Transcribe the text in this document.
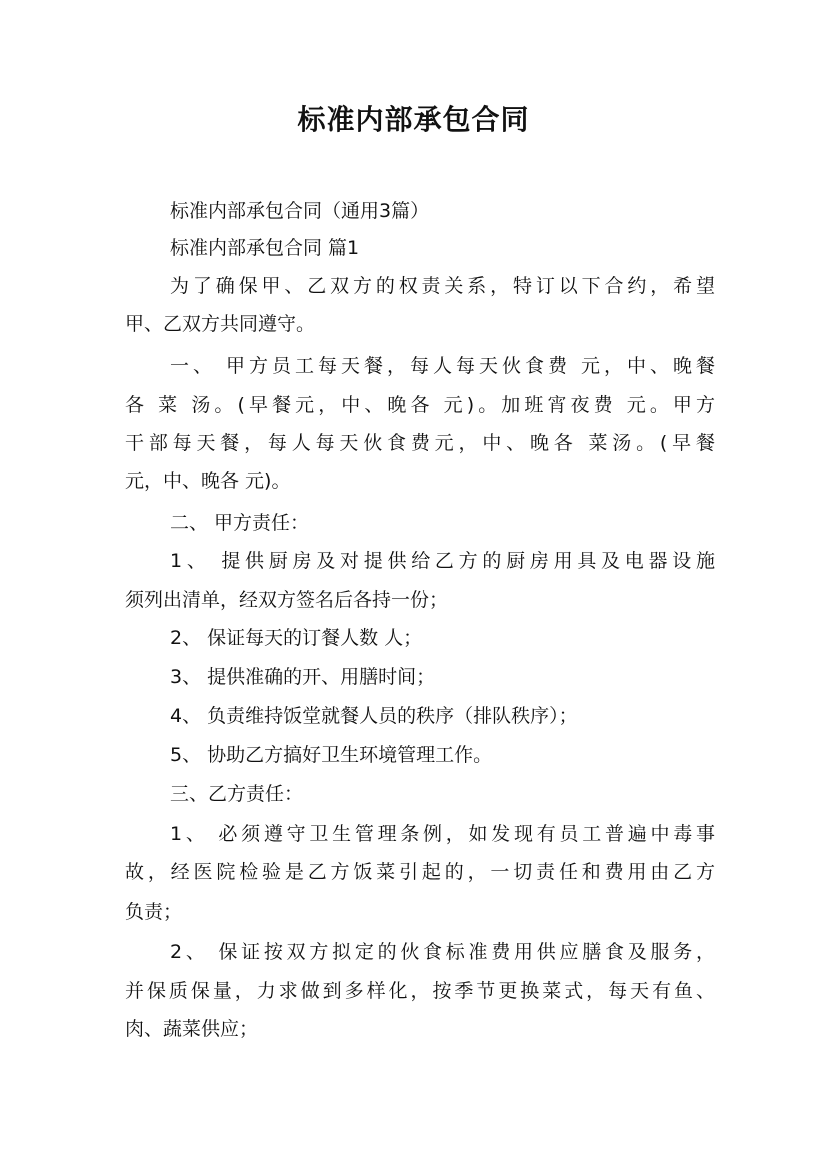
标准内部承包合同
标准内部承包合同（通用3篇）
标准内部承包合同 篇1
为了确保甲、乙双方的权责关系，特订以下合约，希望
甲、乙双方共同遵守。
一、 甲方员工每天餐，每人每天伙食费 元，中、晚餐
各 菜 汤。(早餐元，中、晚各 元)。加班宵夜费 元。甲方
干部每天餐，每人每天伙食费元，中、晚各 菜汤。(早餐
元，中、晚各 元)。
二、 甲方责任：
1、 提供厨房及对提供给乙方的厨房用具及电器设施
须列出清单，经双方签名后各持一份；
2、 保证每天的订餐人数 人；
3、 提供准确的开、用膳时间；
4、 负责维持饭堂就餐人员的秩序（排队秩序）；
5、 协助乙方搞好卫生环境管理工作。
三、乙方责任：
1、 必须遵守卫生管理条例，如发现有员工普遍中毒事
故，经医院检验是乙方饭菜引起的，一切责任和费用由乙方
负责；
2、 保证按双方拟定的伙食标准费用供应膳食及服务，
并保质保量，力求做到多样化，按季节更换菜式，每天有鱼、
肉、蔬菜供应；
